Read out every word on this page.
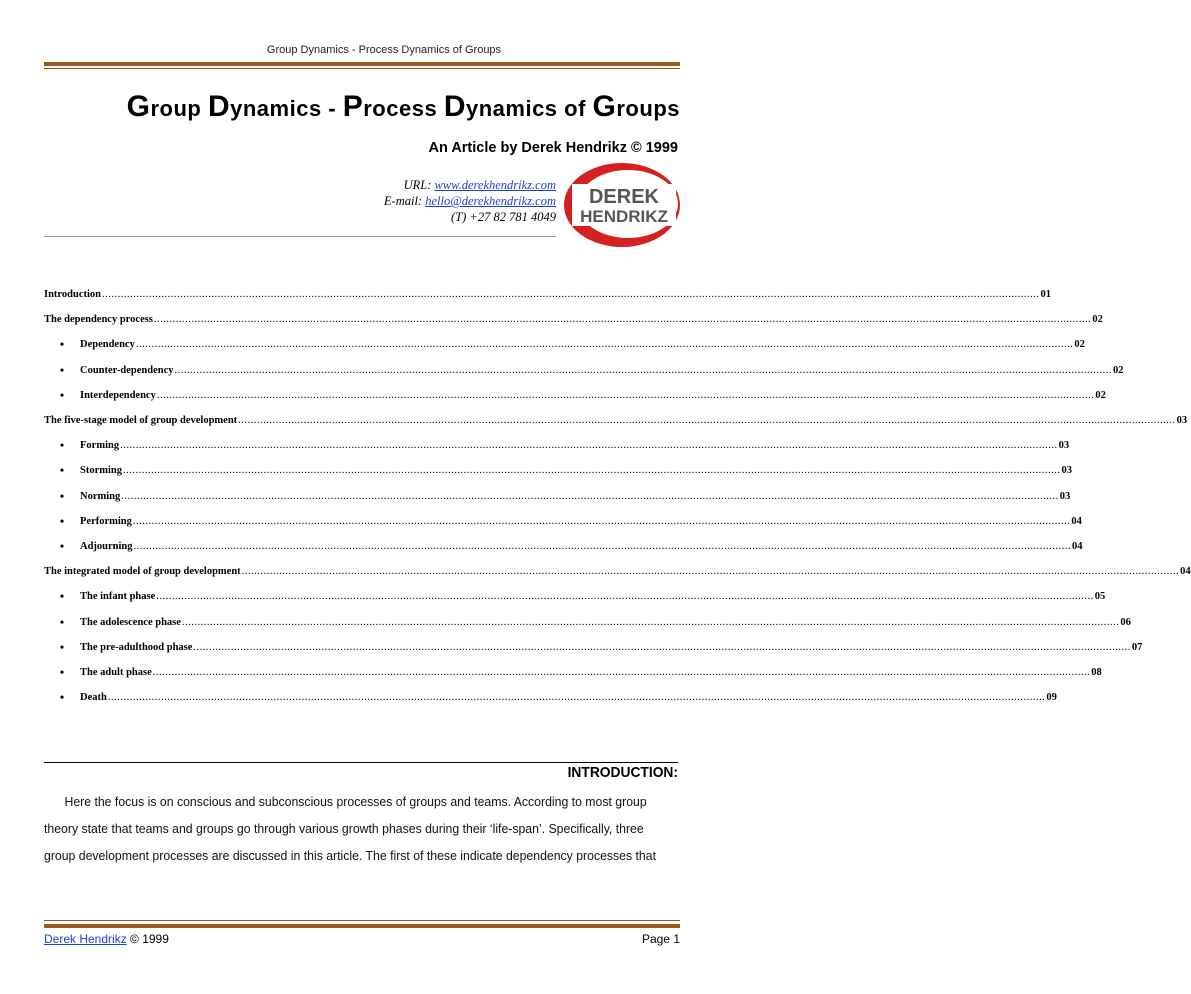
Group Dynamics - Process Dynamics of Groups
Group Dynamics - Process Dynamics of Groups
An Article by Derek Hendrikz © 1999
URL: www.derekhendrikz.com
E-mail: hello@derekhendrikz.com
(T) +27 82 781 4049
DEREK
HENDRIKZ
Introduction ............................................................................................................................................................................................................................................................................................................ 01
The dependency process ............................................................................................................................................................................................................................................................................................................ 02
•	Dependency ............................................................................................................................................................................................................................................................................................................ 02
•	Counter-dependency ............................................................................................................................................................................................................................................................................................................ 02
•	Interdependency ............................................................................................................................................................................................................................................................................................................ 02
The five-stage model of group development ............................................................................................................................................................................................................................................................................................................ 03
•	Forming ............................................................................................................................................................................................................................................................................................................ 03
•	Storming ............................................................................................................................................................................................................................................................................................................ 03
•	Norming ............................................................................................................................................................................................................................................................................................................ 03
•	Performing ............................................................................................................................................................................................................................................................................................................ 04
•	Adjourning ............................................................................................................................................................................................................................................................................................................ 04
The integrated model of group development ............................................................................................................................................................................................................................................................................................................ 04
•	The infant phase ............................................................................................................................................................................................................................................................................................................ 05
•	The adolescence phase ............................................................................................................................................................................................................................................................................................................ 06
•	The pre-adulthood phase ............................................................................................................................................................................................................................................................................................................ 07
•	The adult phase ............................................................................................................................................................................................................................................................................................................ 08
•	Death ............................................................................................................................................................................................................................................................................................................ 09
INTRODUCTION:
Here the focus is on conscious and subconscious processes of groups and teams. According to most group
theory state that teams and groups go through various growth phases during their ‘life-span’. Specifically, three
group development processes are discussed in this article. The first of these indicate dependency processes that
Derek Hendrikz © 1999	Page 1
